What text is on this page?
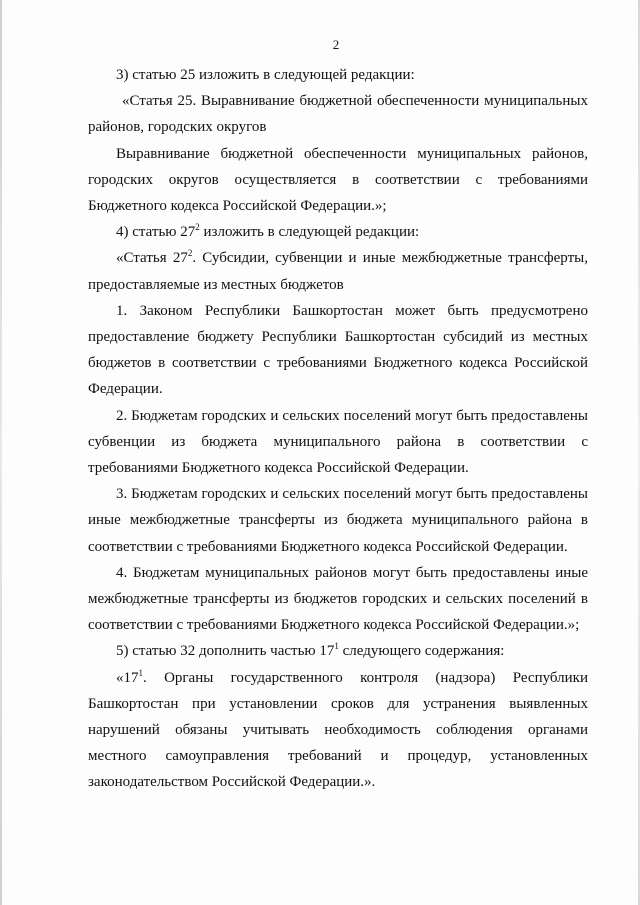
2

3) статью 25 изложить в следующей редакции:

«Статья 25. Выравнивание бюджетной обеспеченности муниципальных районов, городских округов

Выравнивание бюджетной обеспеченности муниципальных районов, городских округов осуществляется в соответствии с требованиями Бюджетного кодекса Российской Федерации.»;

4) статью $27^2$ изложить в следующей редакции:

«Статья $27^2$. Субсидии, субвенции и иные межбюджетные трансферты, предоставляемые из местных бюджетов

1. Законом Республики Башкортостан может быть предусмотрено предоставление бюджету Республики Башкортостан субсидий из местных бюджетов в соответствии с требованиями Бюджетного кодекса Российской Федерации.

2. Бюджетам городских и сельских поселений могут быть предоставлены субвенции из бюджета муниципального района в соответствии с требованиями Бюджетного кодекса Российской Федерации.

3. Бюджетам городских и сельских поселений могут быть предоставлены иные межбюджетные трансферты из бюджета муниципального района в соответствии с требованиями Бюджетного кодекса Российской Федерации.

4. Бюджетам муниципальных районов могут быть предоставлены иные межбюджетные трансферты из бюджетов городских и сельских поселений в соответствии с требованиями Бюджетного кодекса Российской Федерации.»;

5) статью 32 дополнить частью $17^1$ следующего содержания:

«$17^1$. Органы государственного контроля (надзора) Республики Башкортостан при установлении сроков для устранения выявленных нарушений обязаны учитывать необходимость соблюдения органами местного самоуправления требований и процедур, установленных законодательством Российской Федерации.».
